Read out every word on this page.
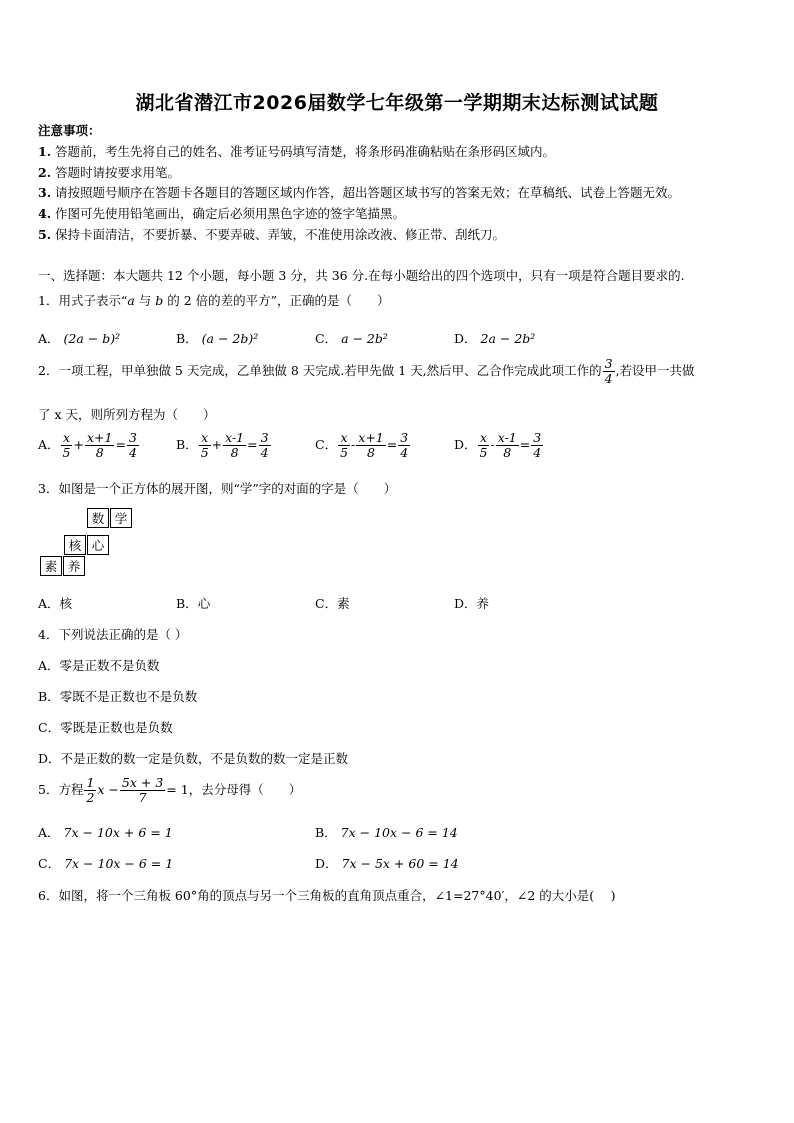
湖北省潜江市2026届数学七年级第一学期期末达标测试试题
注意事项：
1. 答题前，考生先将自己的姓名、准考证号码填写清楚，将条形码准确粘贴在条形码区域内。
2. 答题时请按要求用笔。
3. 请按照题号顺序在答题卡各题目的答题区域内作答，超出答题区域书写的答案无效；在草稿纸、试卷上答题无效。
4. 作图可先使用铅笔画出，确定后必须用黑色字迹的签字笔描黑。
5. 保持卡面清洁，不要折暴、不要弄破、弄皱，不准使用涂改液、修正带、刮纸刀。
一、选择题：本大题共 12 个小题，每小题 3 分，共 36 分.在每小题给出的四个选项中，只有一项是符合题目要求的.
1．用式子表示“a 与 b 的 2 倍的差的平方”，正确的是（　　）
A． (2a − b)²	B． (a − 2b)²	C． a − 2b²	D． 2a − 2b²
2．一项工程，甲单独做 5 天完成，乙单独做 8 天完成.若甲先做 1 天,然后甲、乙合作完成此项工作的 $\frac{3}{4}$ ,若设甲一共做
了 x 天，则所列方程为（　　）
A． $\frac{x}{5} + \frac{x+1}{8} = \frac{3}{4}$	B． $\frac{x}{5} + \frac{x-1}{8} = \frac{3}{4}$	C． $\frac{x}{5} - \frac{x+1}{8} = \frac{3}{4}$	D． $\frac{x}{5} - \frac{x-1}{8} = \frac{3}{4}$
3．如图是一个正方体的展开图，则“学”字的对面的字是（　　）
数 学
核 心
素 养
A．核	B．心	C．素	D．养
4．下列说法正确的是（ ）
A．零是正数不是负数
B．零既不是正数也不是负数
C．零既是正数也是负数
D．不是正数的数一定是负数，不是负数的数一定是正数
5．方程 $\frac{1}{2}$ $x - \frac{5x + 3}{7} = 1$，去分母得（　　）
A． 7x − 10x + 6 = 1	B． 7x − 10x − 6 = 14
C． 7x − 10x − 6 = 1	D． 7x − 5x + 60 = 14
6．如图，将一个三角板 60°角的顶点与另一个三角板的直角顶点重合，∠1=27°40′，∠2 的大小是(　 )
